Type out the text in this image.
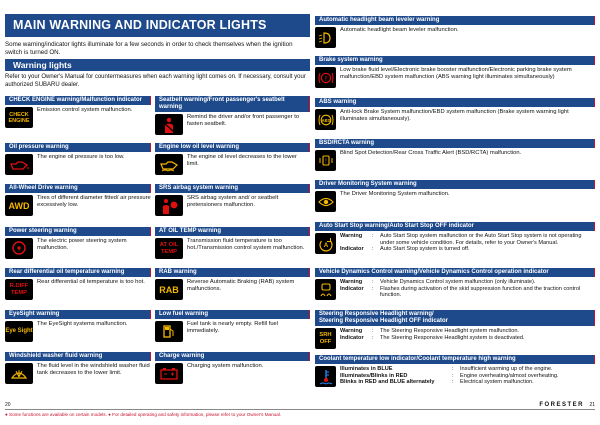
MAIN WARNING AND INDICATOR LIGHTS
Some warning/indicator lights illuminate for a few seconds in order to check themselves when the ignition switch is turned ON.
Warning lights
Refer to your Owner's Manual for countermeasures when each warning light comes on. If necessary, consult your authorized SUBARU dealer.
CHECK ENGINE warning/Malfunction indicator
CHECK ENGINE
Emission control system malfunction.
Oil pressure warning
The engine oil pressure is too low.
All-Wheel Drive warning
AWD
Tires of different diameter fitted/ air pressure excessively low.
Power steering warning
!
The electric power steering system malfunction.
Rear differential oil temperature warning
R.DIFF TEMP
Rear differential oil temperature is too hot.
EyeSight warning
Eye Sight
The EyeSight systems malfunction.
Windshield washer fluid warning
The fluid level in the windshield washer fluid tank decreases to the lower limit.
Seatbelt warning/Front passenger's seatbelt warning
Remind the driver and/or front passenger to fasten seatbelt.
Engine low oil level warning
The engine oil level decreases to the lower limit.
SRS airbag system warning
SRS airbag system and/ or seatbelt pretensioners malfunction.
AT OIL TEMP warning
AT OIL TEMP
Transmission fluid temperature is too hot./Transmission control system malfunction.
RAB warning
RAB
Reverse Automatic Braking (RAB) system malfunctions.
Low fuel warning
Fuel tank is nearly empty. Refill fuel immediately.
Charge warning
Charging system malfunction.
Automatic headlight beam leveler warning
Automatic headlight beam leveler malfunction.
Brake system warning
!
Low brake fluid level/Electronic brake booster malfunction/Electronic parking brake system malfunction/EBD system malfunction (ABS warning light illuminates simultaneously)
ABS warning
ABS
Anti-lock Brake System malfunction/EBD system malfunction (Brake system warning light illuminates simultaneously).
BSD/RCTA warning
!
Blind Spot Detection/Rear Cross Traffic Alert (BSD/RCTA) malfunction.
Driver Monitoring System warning
The Driver Monitoring System malfunction.
Auto Start Stop warning/Auto Start Stop OFF indicator
A
Warning	:	Auto Start Stop system malfunction or the Auto Start Stop system is not operating under some vehicle condition. For details, refer to your Owner's Manual.
Indicator	:	Auto Start Stop system is turned off.
Vehicle Dynamics Control warning/Vehicle Dynamics Control operation indicator
Warning	:	Vehicle Dynamics Control system malfunction (only illuminate).
Indicator	:	Flashes during activation of the skid suppression function and the traction control function.
Steering Responsive Headlight warning/
Steering Responsive Headlight OFF indicator
SRH OFF
Warning	:	The Steering Responsive Headlight system malfunction.
Indicator	:	The Steering Responsive Headlight system is deactivated.
Coolant temperature low indicator/Coolant temperature high warning
Illuminates in BLUE	:	Insufficient warming up of the engine.
Illuminates/Blinks in RED	:	Engine overheating/almost overheating.
Blinks in RED and BLUE alternately	:	Electrical system malfunction.
20	FORESTER 21
● Some functions are available on certain models. ● For detailed operating and safety information, please refer to your Owner's Manual.
